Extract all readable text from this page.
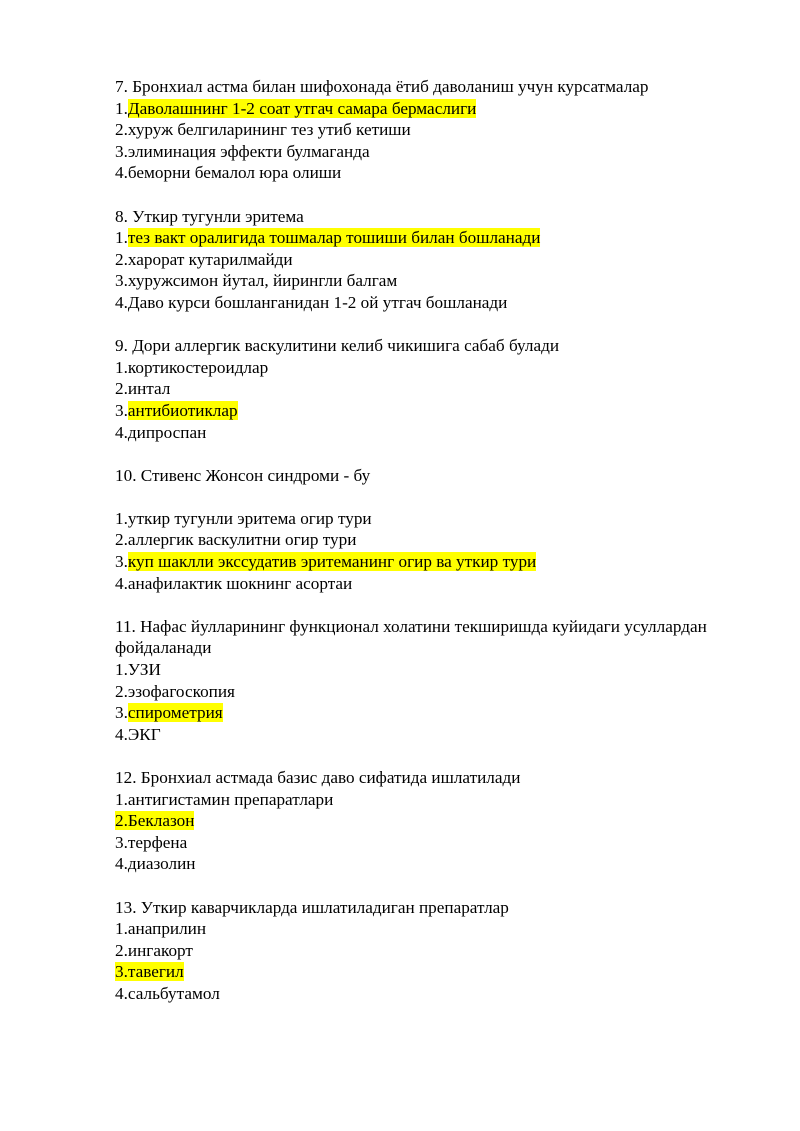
7. Бронхиал астма билан шифохонада ётиб даволаниш учун курсатмалар
1.Даволашнинг 1-2 соат утгач самара бермаслиги
2.хуруж белгиларининг тез утиб кетиши
3.элиминация эффекти булмаганда
4.беморни бемалол юра олиши
8. Уткир тугунли эритема
1.тез вакт оралигида тошмалар тошиши билан бошланади
2.харорат кутарилмайди
3.хуружсимон йутал, йирингли балгам
4.Даво курси бошланганидан 1-2 ой утгач бошланади
9. Дори аллергик васкулитини келиб чикишига сабаб булади
1.кортикостероидлар
2.интал
3.антибиотиклар
4.дипроспан
10. Стивенс Жонсон синдроми - бу
1.уткир тугунли эритема огир тури
2.аллергик васкулитни огир тури
3.куп шаклли экссудатив эритеманинг огир ва уткир тури
4.анафилактик шокнинг асортаи
11. Нафас йулларининг функционал холатини текширишда куйидаги усуллардан фойдаланади
1.УЗИ
2.эзофагоскопия
3.спирометрия
4.ЭКГ
12. Бронхиал астмада базис даво сифатида ишлатилади
1.антигистамин препаратлари
2.Беклазон
3.терфена
4.диазолин
13. Уткир каварчикларда ишлатиладиган препаратлар
1.анаприлин
2.ингакорт
3.тавегил
4.сальбутамол
